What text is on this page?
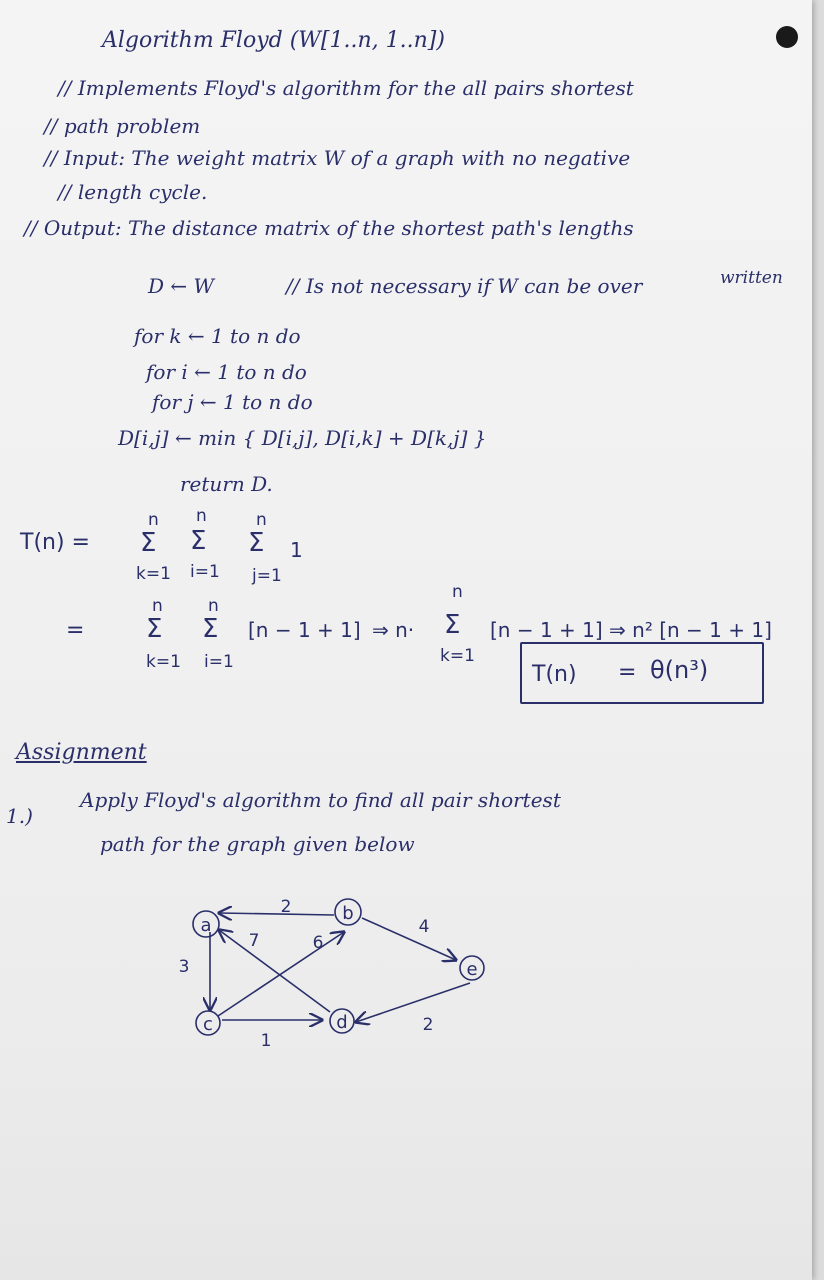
Algorithm Floyd (W[1..n, 1..n])
// Implements Floyd's algorithm for the all pairs shortest
// path problem
// Input: The weight matrix W of a graph with no negative
// length cycle.
// Output: The distance matrix of the shortest path's lengths
D ← W	// Is not necessary if W can be over	written
for k ← 1 to n do
for i ← 1 to n do
for j ← 1 to n do
D[i,j] ← min { D[i,j], D[i,k] + D[k,j] }
return D.
T(n) =
n n	n
Σ Σ Σ 1
k=1 i=1 j=1
=
n	n
Σ Σ [n − 1 + 1] ⇒ n·
n
Σ [n − 1 + 1] ⇒ n² [n − 1 + 1]
k=1 i=1	k=1
T(n) = θ(n³)
Assignment
1.)
Apply Floyd's algorithm to find all pair shortest
path for the graph given below
a
b
c	d
e
2
7
3
6
1
4
2
